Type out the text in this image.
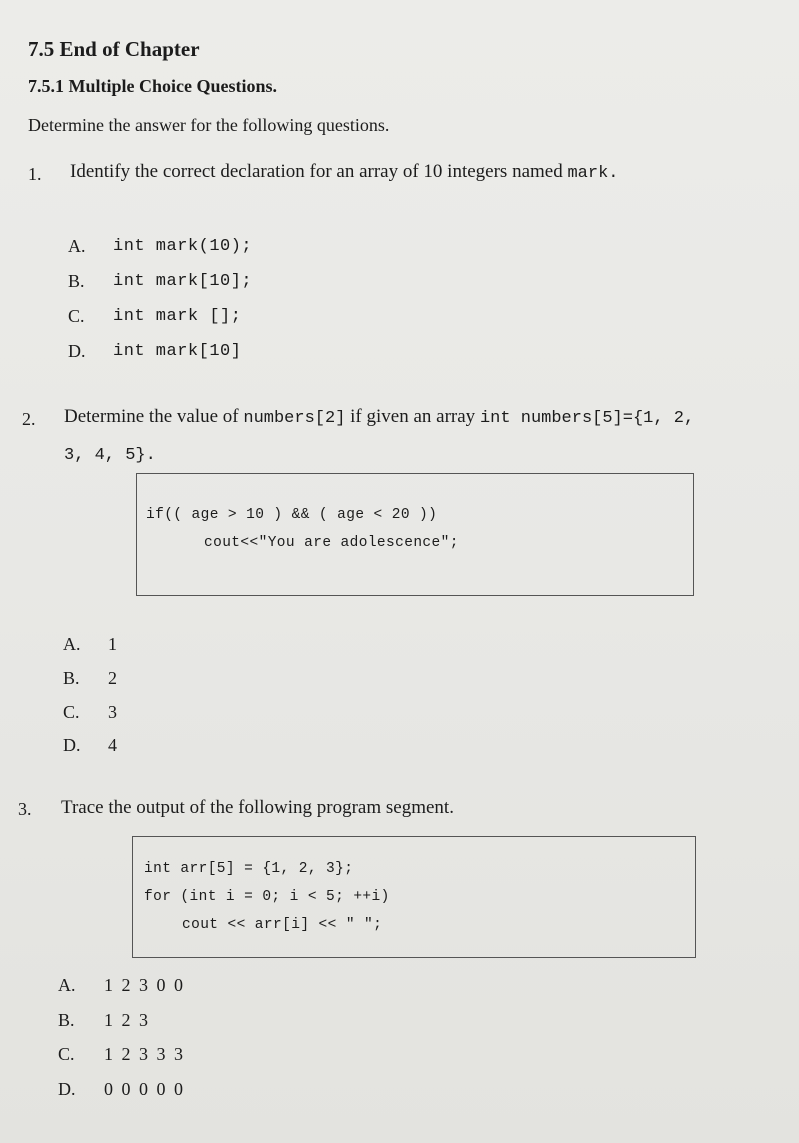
7.5 End of Chapter
7.5.1 Multiple Choice Questions.
Determine the answer for the following questions.
1. Identify the correct declaration for an array of 10 integers named mark.
A. int mark(10);
B. int mark[10];
C. int mark [];
D. int mark[10]
2. Determine the value of numbers[2] if given an array int numbers[5]={1, 2,
3, 4, 5}.
if(( age > 10 ) && ( age < 20 ))
cout<<"You are adolescence";
A. 1
B. 2
C. 3
D. 4
3. Trace the output of the following program segment.
int arr[5] = {1, 2, 3};
for (int i = 0; i < 5; ++i)
cout << arr[i] << " ";
A. 1 2 3 0 0
B. 1 2 3
C. 1 2 3 3 3
D. 0 0 0 0 0
